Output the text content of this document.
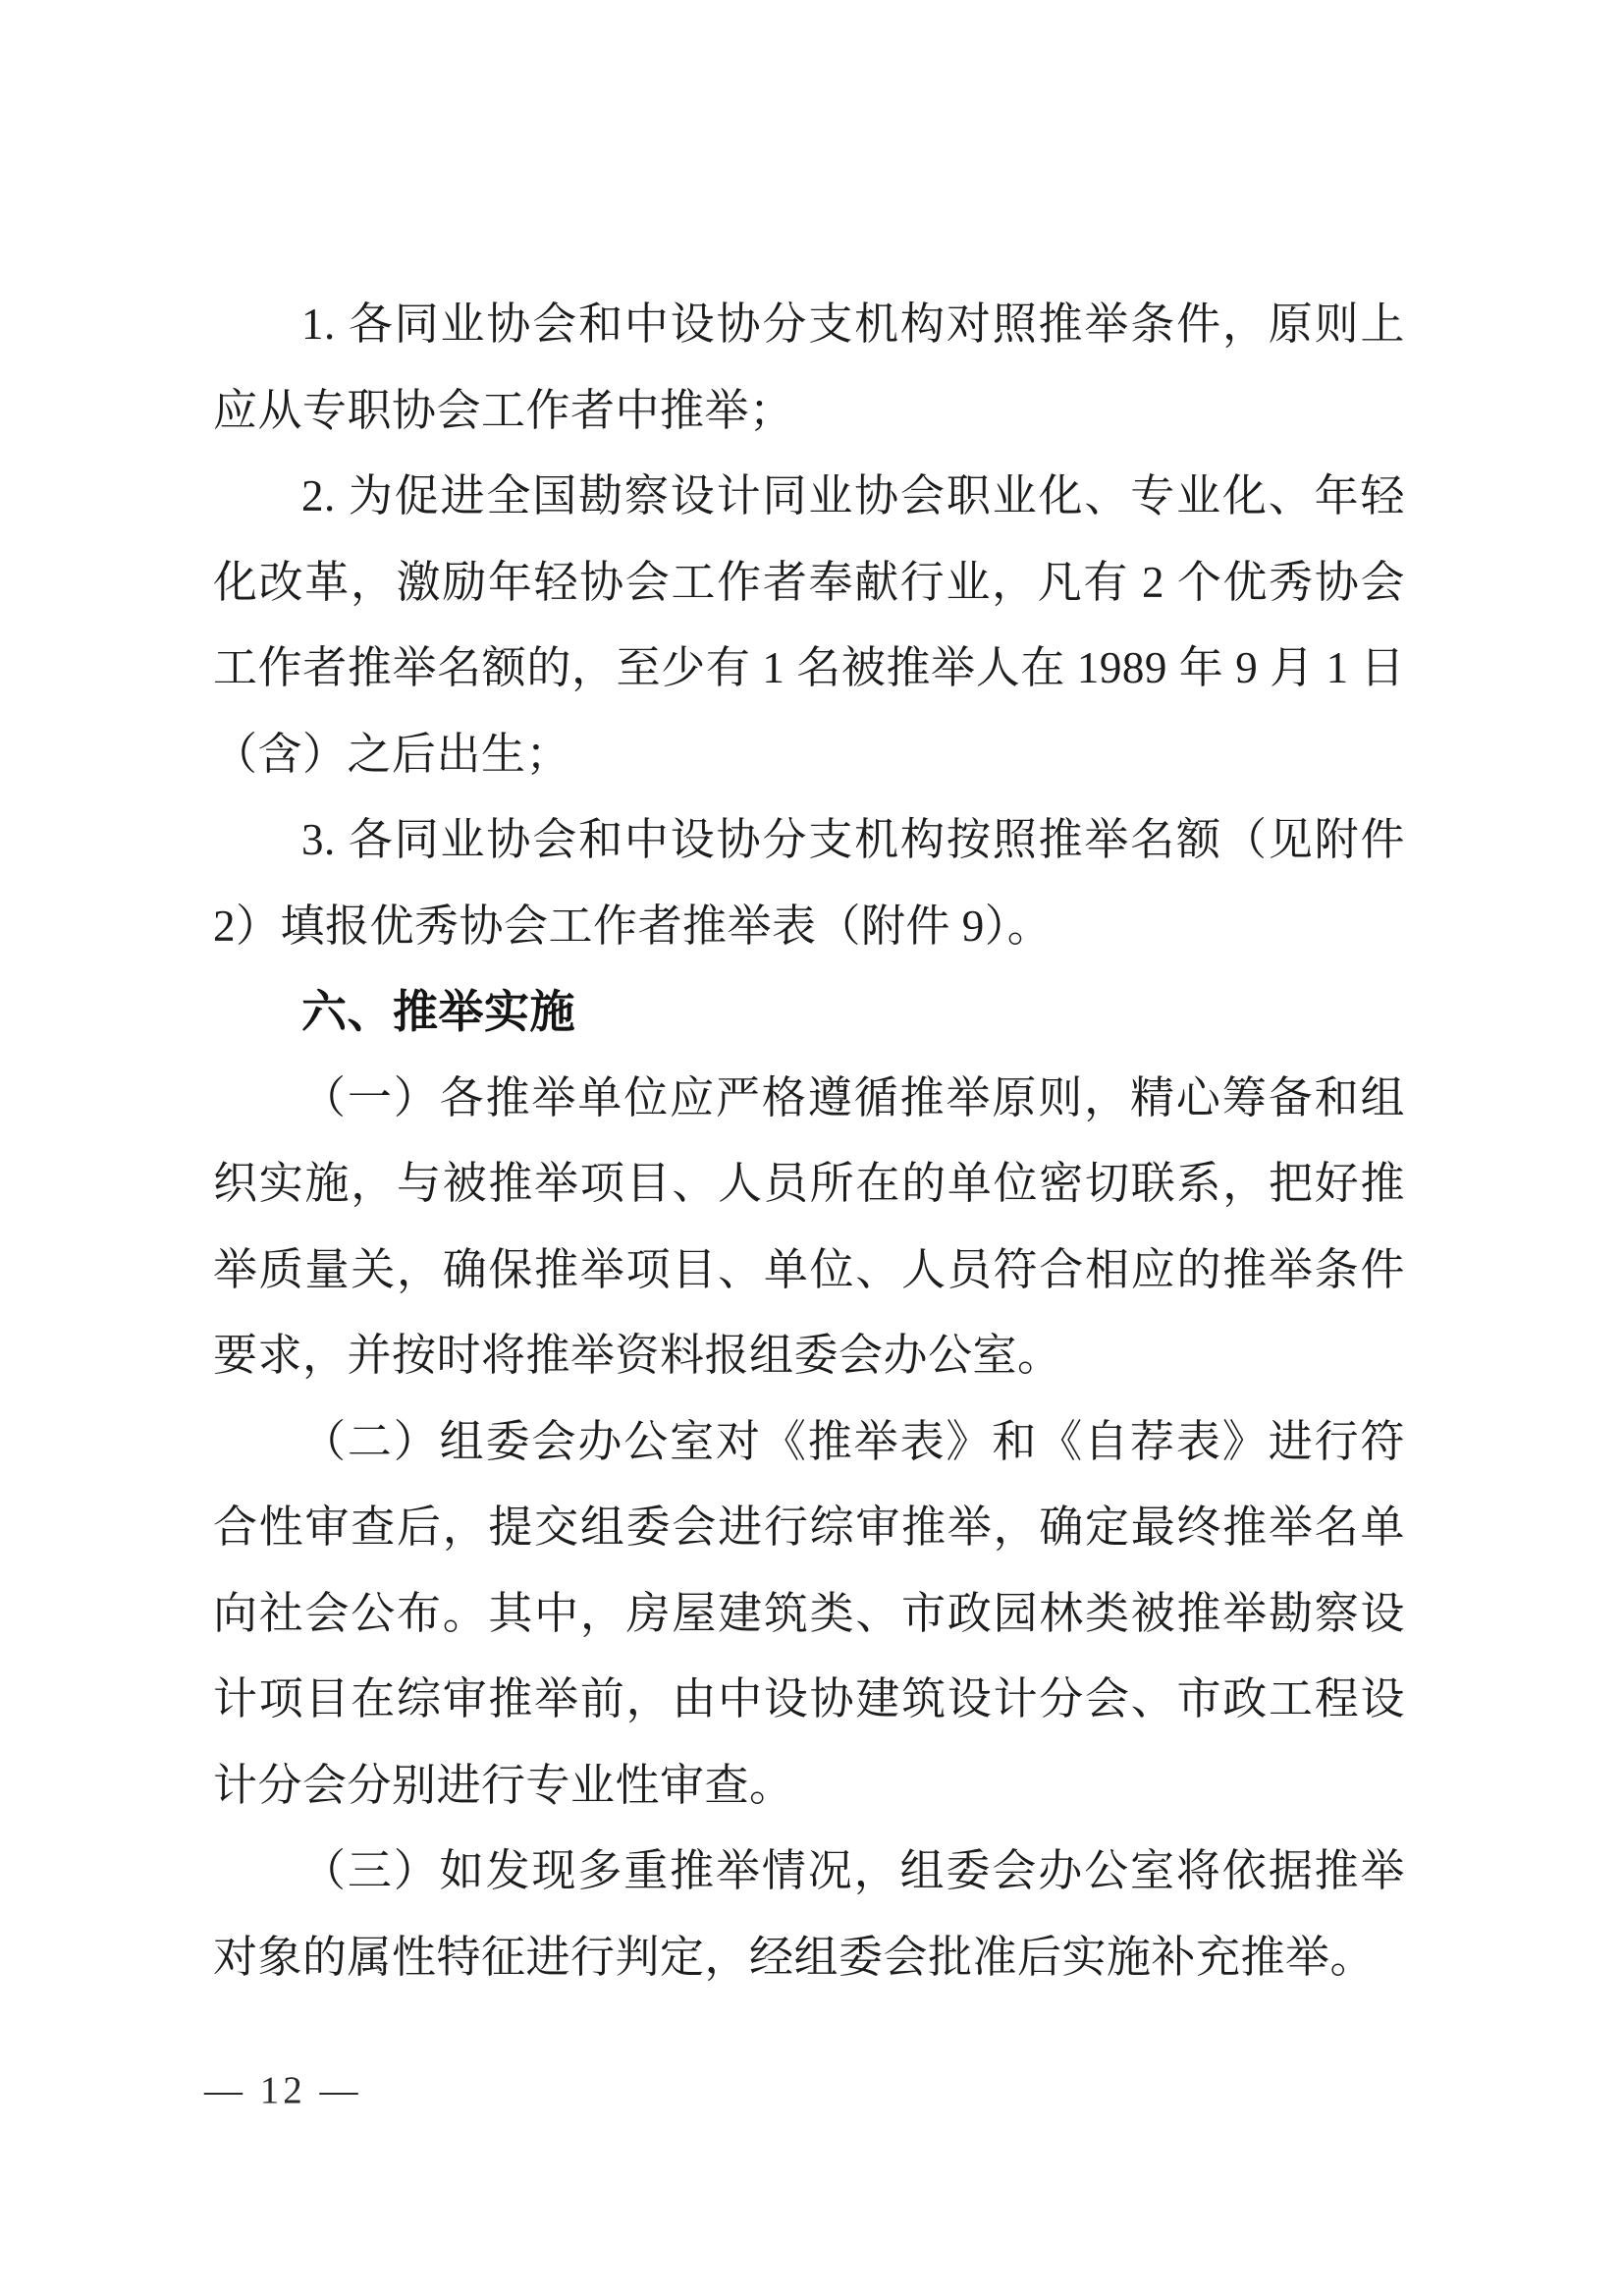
1. 各同业协会和中设协分支机构对照推举条件，原则上应从专职协会工作者中推举；

2. 为促进全国勘察设计同业协会职业化、专业化、年轻化改革，激励年轻协会工作者奉献行业，凡有 2 个优秀协会工作者推举名额的，至少有 1 名被推举人在 1989 年 9 月 1 日（含）之后出生；

3. 各同业协会和中设协分支机构按照推举名额（见附件 2）填报优秀协会工作者推举表（附件 9）。

六、推举实施

（一）各推举单位应严格遵循推举原则，精心筹备和组织实施，与被推举项目、人员所在的单位密切联系，把好推举质量关，确保推举项目、单位、人员符合相应的推举条件要求，并按时将推举资料报组委会办公室。

（二）组委会办公室对《推举表》和《自荐表》进行符合性审查后，提交组委会进行综审推举，确定最终推举名单向社会公布。其中，房屋建筑类、市政园林类被推举勘察设计项目在综审推举前，由中设协建筑设计分会、市政工程设计分会分别进行专业性审查。

（三）如发现多重推举情况，组委会办公室将依据推举对象的属性特征进行判定，经组委会批准后实施补充推举。

— 12 —
